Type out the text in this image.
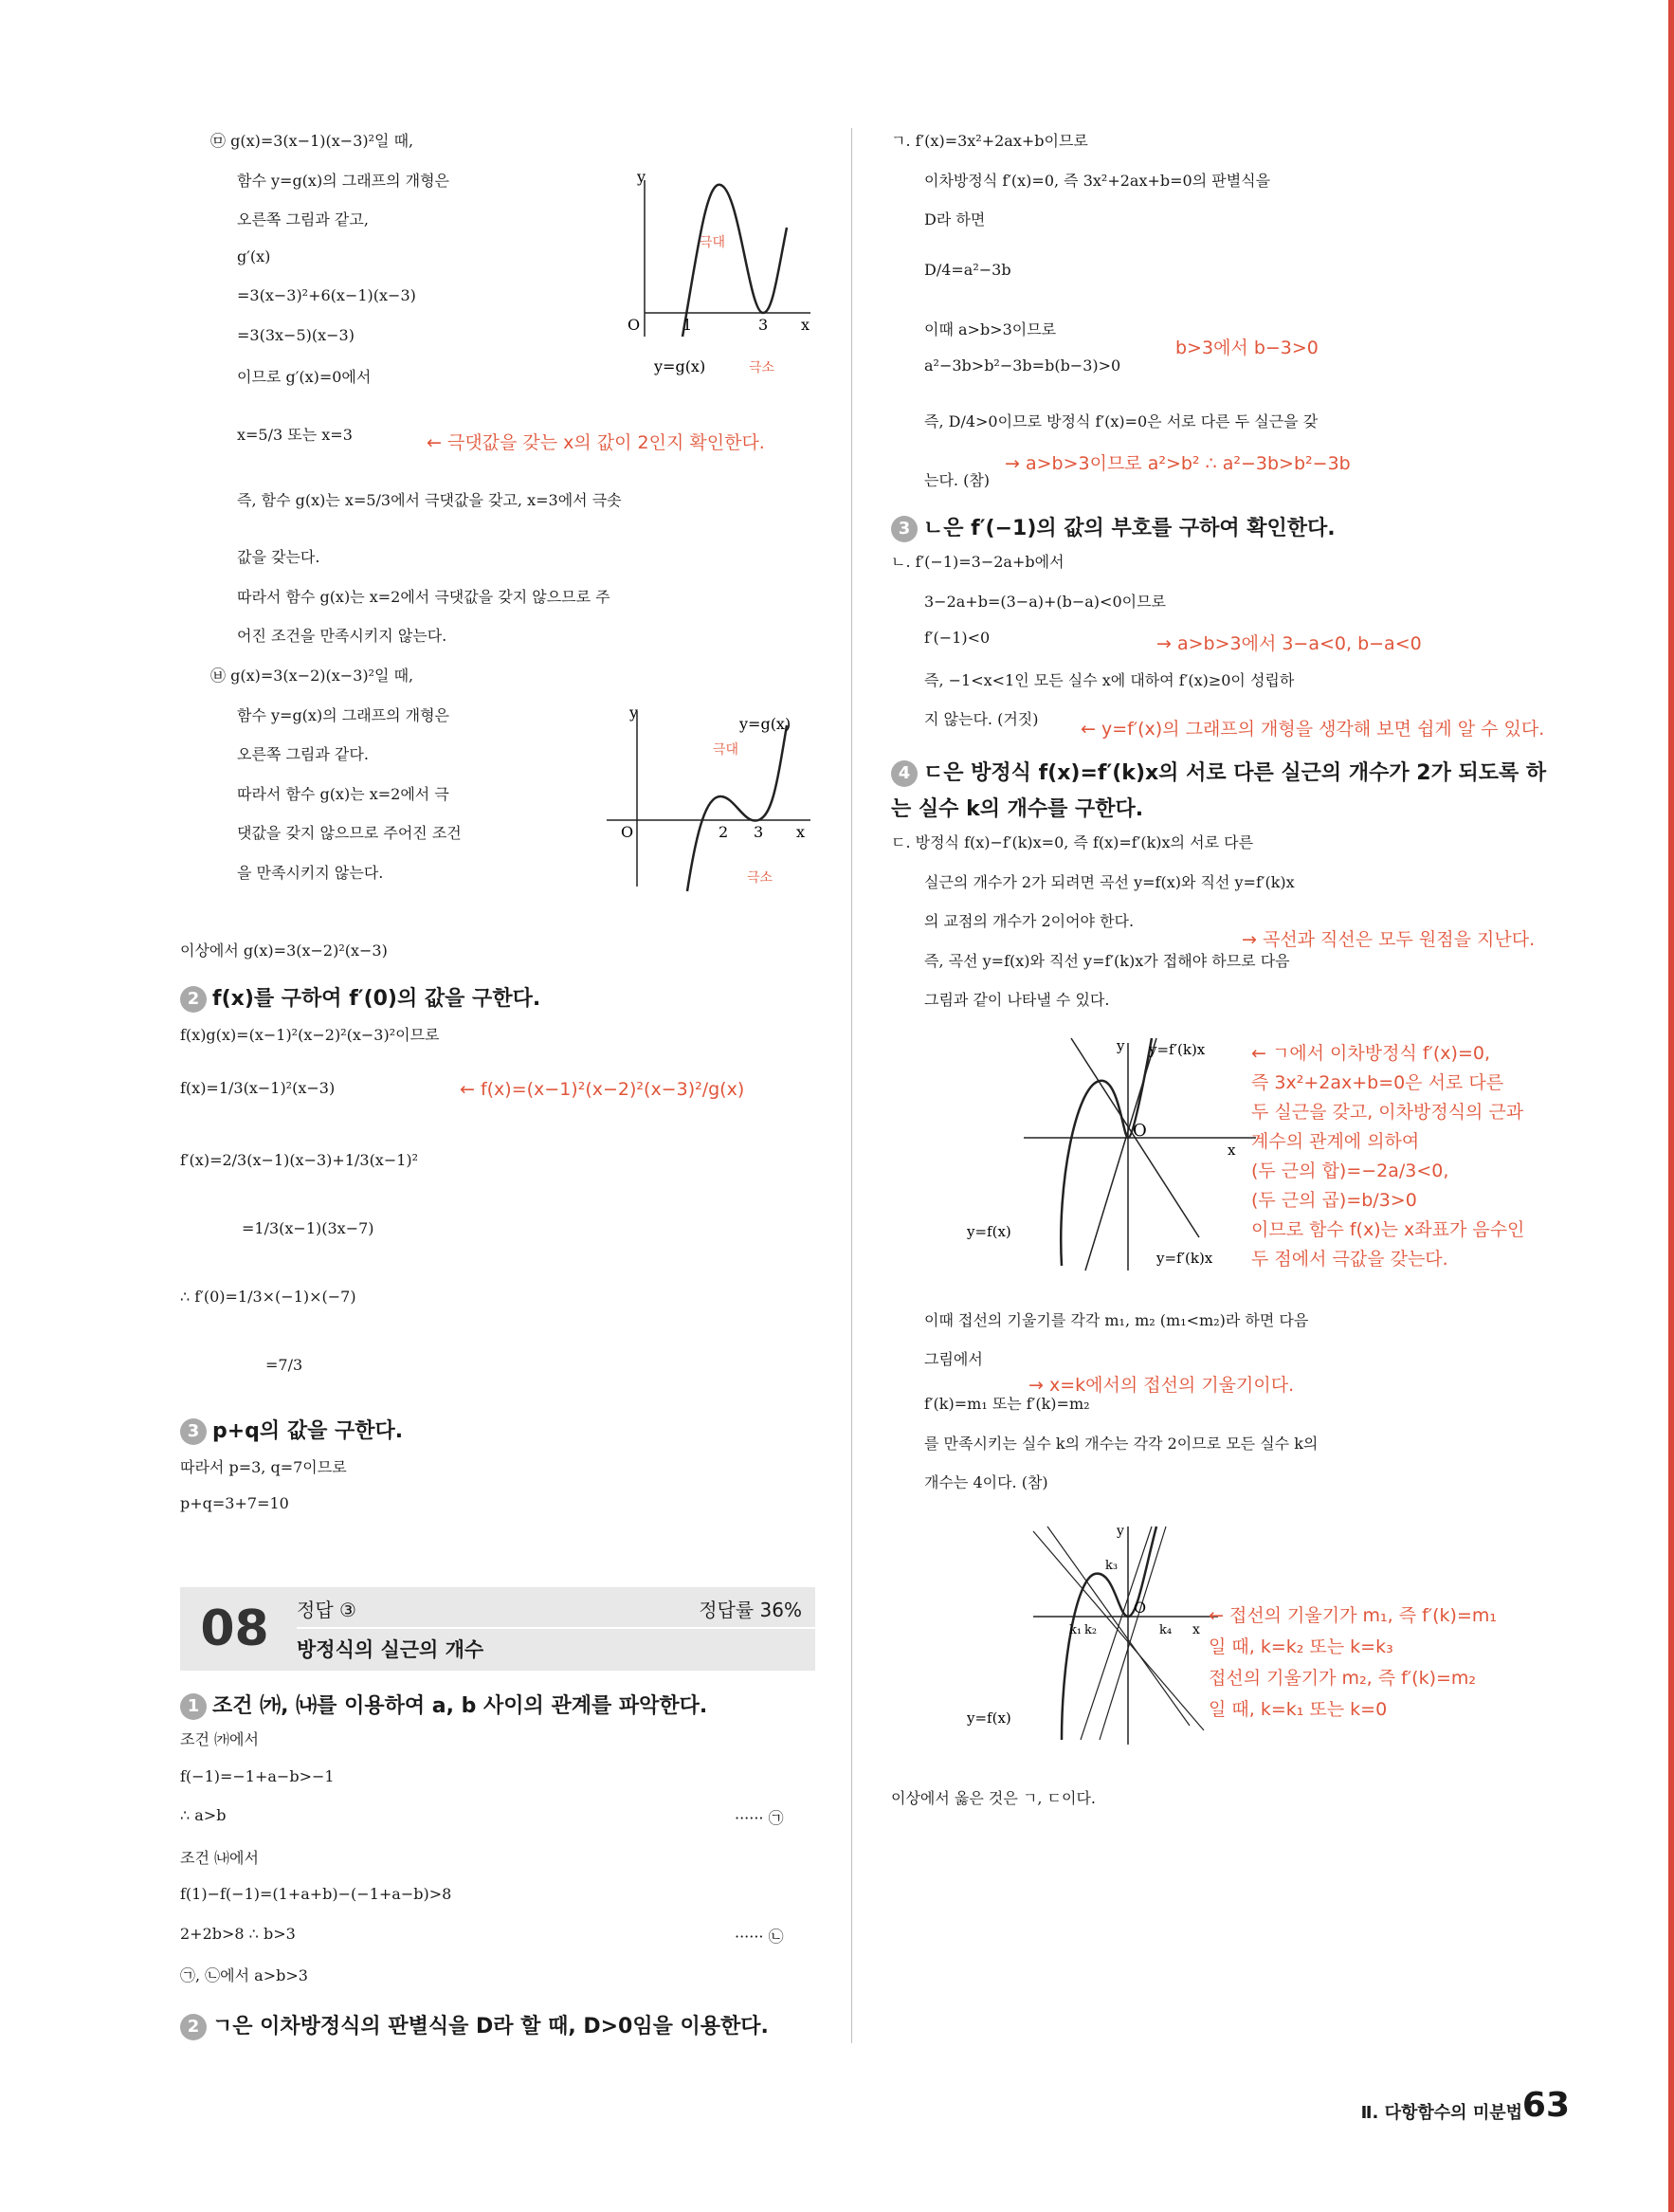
㉤ g(x)=3(x−1)(x−3)²일 때,
함수 y=g(x)의 그래프의 개형은
오른쪽 그림과 같고,
g′(x)
=3(x−3)²+6(x−1)(x−3)
=3(3x−5)(x−3)
이므로 g′(x)=0에서
x=5/3 또는 x=3	← 극댓값을 갖는 x의 값이 2인지 확인한다.
즉, 함수 g(x)는 x=5/3에서 극댓값을 갖고, x=3에서 극솟
값을 갖는다.
따라서 함수 g(x)는 x=2에서 극댓값을 갖지 않으므로 주
어진 조건을 만족시키지 않는다.
㉥ g(x)=3(x−2)(x−3)²일 때,
함수 y=g(x)의 그래프의 개형은
오른쪽 그림과 같다.
따라서 함수 g(x)는 x=2에서 극
댓값을 갖지 않으므로 주어진 조건
을 만족시키지 않는다.
이상에서 g(x)=3(x−2)²(x−3)
2 f(x)를 구하여 f′(0)의 값을 구한다.
f(x)g(x)=(x−1)²(x−2)²(x−3)²이므로
f(x)=1/3(x−1)²(x−3)	← f(x)=(x−1)²(x−2)²(x−3)²/g(x)
f′(x)=2/3(x−1)(x−3)+1/3(x−1)²
=1/3(x−1)(3x−7)
∴ f′(0)=1/3×(−1)×(−7)
=7/3
3 p+q의 값을 구한다.
따라서 p=3, q=7이므로
p+q=3+7=10
y
x
O	1	3
y=g(x)
극대
극소
y
x
O	2 3
y=g(x)
극대
극소
08	정답 ③	정답률 36%
방정식의 실근의 개수
1 조건 ㈎, ㈏를 이용하여 a, b 사이의 관계를 파악한다.
조건 ㈎에서
f(−1)=−1+a−b>−1
∴ a>b	······ ㉠
조건 ㈏에서
f(1)−f(−1)=(1+a+b)−(−1+a−b)>8
2+2b>8 ∴ b>3	······ ㉡
㉠, ㉡에서 a>b>3
2 ㄱ은 이차방정식의 판별식을 D라 할 때, D>0임을 이용한다.
ㄱ. f′(x)=3x²+2ax+b이므로
이차방정식 f′(x)=0, 즉 3x²+2ax+b=0의 판별식을
D라 하면
D/4=a²−3b
이때 a>b>3이므로
b>3에서 b−3>0
a²−3b>b²−3b=b(b−3)>0
즉, D/4>0이므로 방정식 f′(x)=0은 서로 다른 두 실근을 갖
→ a>b>3이므로 a²>b² ∴ a²−3b>b²−3b
는다. (참)
3 ㄴ은 f′(−1)의 값의 부호를 구하여 확인한다.
ㄴ. f′(−1)=3−2a+b에서
3−2a+b=(3−a)+(b−a)<0이므로
→ a>b>3에서 3−a<0, b−a<0
f′(−1)<0
즉, −1<x<1인 모든 실수 x에 대하여 f′(x)≥0이 성립하
지 않는다. (거짓) ← y=f′(x)의 그래프의 개형을 생각해 보면 쉽게 알 수 있다.
4 ㄷ은 방정식 f(x)=f′(k)x의 서로 다른 실근의 개수가 2가 되도록 하
는 실수 k의 개수를 구한다.
ㄷ. 방정식 f(x)−f′(k)x=0, 즉 f(x)=f′(k)x의 서로 다른
실근의 개수가 2가 되려면 곡선 y=f(x)와 직선 y=f′(k)x
의 교점의 개수가 2이어야 한다.
→ 곡선과 직선은 모두 원점을 지난다.
즉, 곡선 y=f(x)와 직선 y=f′(k)x가 접해야 하므로 다음
그림과 같이 나타낼 수 있다.
y
x
O
y=f′(k)x
y=f′(k)x
y=f(x)
← ㄱ에서 이차방정식 f′(x)=0,
즉 3x²+2ax+b=0은 서로 다른
두 실근을 갖고, 이차방정식의 근과
계수의 관계에 의하여
(두 근의 합)=−2a/3<0,
(두 근의 곱)=b/3>0
이므로 함수 f(x)는 x좌표가 음수인
두 점에서 극값을 갖는다.
이때 접선의 기울기를 각각 m₁, m₂ (m₁<m₂)라 하면 다음
그림에서
→ x=k에서의 접선의 기울기이다.
f′(k)=m₁ 또는 f′(k)=m₂
를 만족시키는 실수 k의 개수는 각각 2이므로 모든 실수 k의
개수는 4이다. (참)
y
x
O
k₁ k₂
k₃
k₄
y=f(x)
← 접선의 기울기가 m₁, 즉 f′(k)=m₁
일 때, k=k₂ 또는 k=k₃
접선의 기울기가 m₂, 즉 f′(k)=m₂
일 때, k=k₁ 또는 k=0
이상에서 옳은 것은 ㄱ, ㄷ이다.
Ⅱ. 다항함수의 미분법 63
